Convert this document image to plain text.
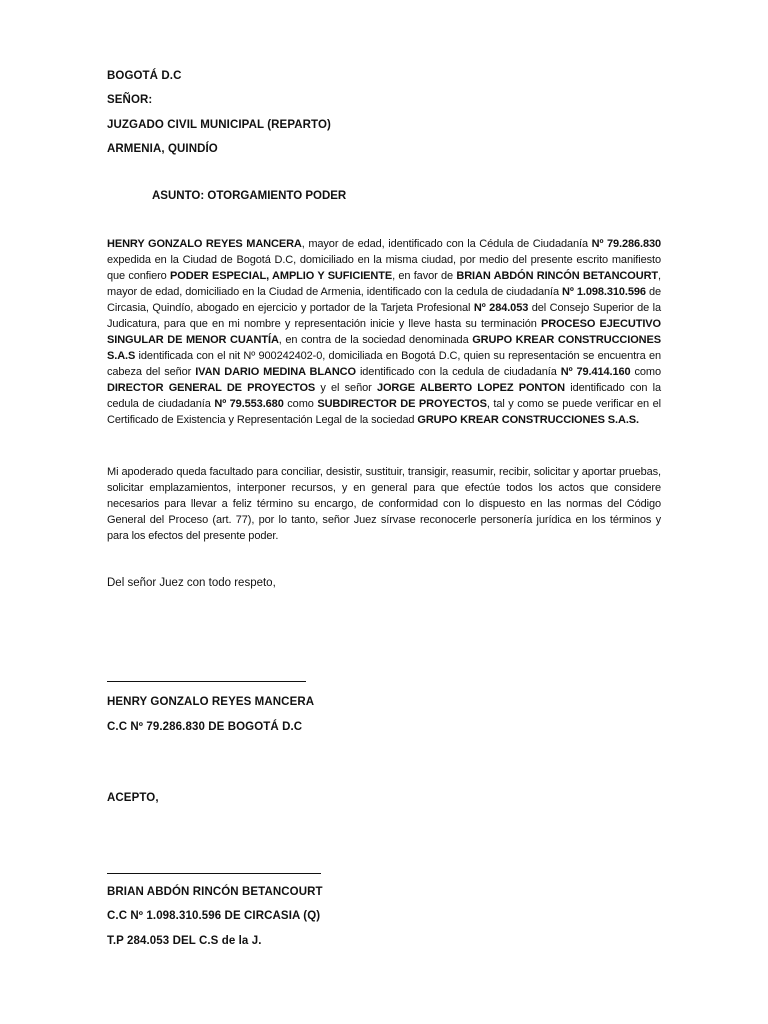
BOGOTÁ D.C
SEÑOR:
JUZGADO CIVIL MUNICIPAL (REPARTO)
ARMENIA, QUINDÍO
ASUNTO: OTORGAMIENTO PODER
HENRY GONZALO REYES MANCERA, mayor de edad, identificado con la Cédula de Ciudadanía Nº 79.286.830 expedida en la Ciudad de Bogotá D.C, domiciliado en la misma ciudad, por medio del presente escrito manifiesto que confiero PODER ESPECIAL, AMPLIO Y SUFICIENTE, en favor de BRIAN ABDÓN RINCÓN BETANCOURT, mayor de edad, domiciliado en la Ciudad de Armenia, identificado con la cedula de ciudadanía Nº 1.098.310.596 de Circasia, Quindío, abogado en ejercicio y portador de la Tarjeta Profesional Nº 284.053 del Consejo Superior de la Judicatura, para que en mi nombre y representación inicie y lleve hasta su terminación PROCESO EJECUTIVO SINGULAR DE MENOR CUANTÍA, en contra de la sociedad denominada GRUPO KREAR CONSTRUCCIONES S.A.S identificada con el nit Nº 900242402-0, domiciliada en Bogotá D.C, quien su representación se encuentra en cabeza del señor IVAN DARIO MEDINA BLANCO identificado con la cedula de ciudadanía Nº 79.414.160 como DIRECTOR GENERAL DE PROYECTOS y el señor JORGE ALBERTO LOPEZ PONTON identificado con la cedula de ciudadanía Nº 79.553.680 como SUBDIRECTOR DE PROYECTOS, tal y como se puede verificar en el Certificado de Existencia y Representación Legal de la sociedad GRUPO KREAR CONSTRUCCIONES S.A.S.
Mi apoderado queda facultado para conciliar, desistir, sustituir, transigir, reasumir, recibir, solicitar y aportar pruebas, solicitar emplazamientos, interponer recursos, y en general para que efectúe todos los actos que considere necesarios para llevar a feliz término su encargo, de conformidad con lo dispuesto en las normas del Código General del Proceso (art. 77), por lo tanto, señor Juez sírvase reconocerle personería jurídica en los términos y para los efectos del presente poder.
Del señor Juez con todo respeto,
HENRY GONZALO REYES MANCERA
C.C Nº 79.286.830 DE BOGOTÁ D.C
ACEPTO,
BRIAN ABDÓN RINCÓN BETANCOURT
C.C Nº 1.098.310.596 DE CIRCASIA (Q)
T.P 284.053 DEL C.S de la J.
